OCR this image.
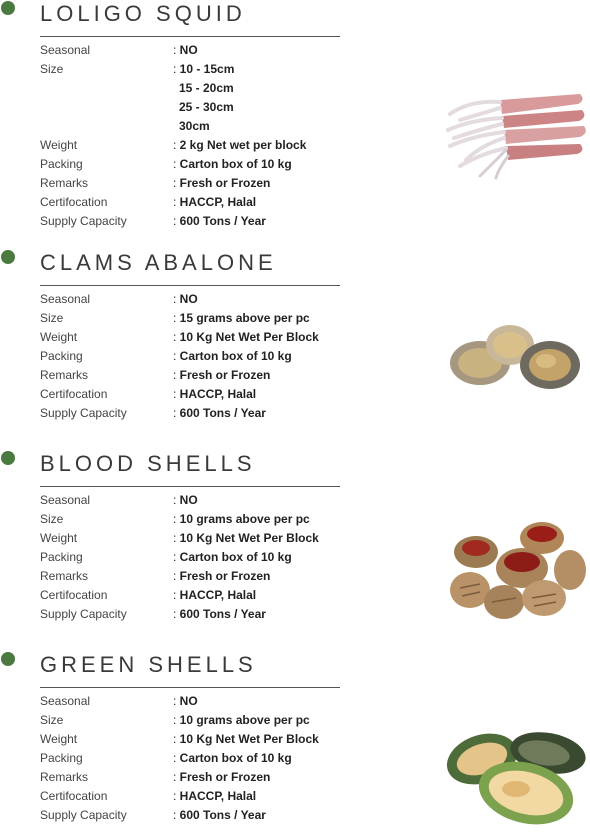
LOLIGO SQUID
Seasonal	: NO
Size	: 10 - 15cm
15 - 20cm
25 - 30cm
30cm
Weight	: 2 kg Net wet per block
Packing	: Carton box of 10 kg
Remarks	: Fresh or Frozen
Certifocation	: HACCP, Halal
Supply Capacity	: 600 Tons / Year
CLAMS ABALONE
Seasonal	: NO
Size	: 15 grams above per pc
Weight	: 10 Kg Net Wet Per Block
Packing	: Carton box of 10 kg
Remarks	: Fresh or Frozen
Certifocation	: HACCP, Halal
Supply Capacity	: 600 Tons / Year
BLOOD SHELLS
Seasonal	: NO
Size	: 10 grams above per pc
Weight	: 10 Kg Net Wet Per Block
Packing	: Carton box of 10 kg
Remarks	: Fresh or Frozen
Certifocation	: HACCP, Halal
Supply Capacity	: 600 Tons / Year
GREEN SHELLS
Seasonal	: NO
Size	: 10 grams above per pc
Weight	: 10 Kg Net Wet Per Block
Packing	: Carton box of 10 kg
Remarks	: Fresh or Frozen
Certifocation	: HACCP, Halal
Supply Capacity	: 600 Tons / Year
